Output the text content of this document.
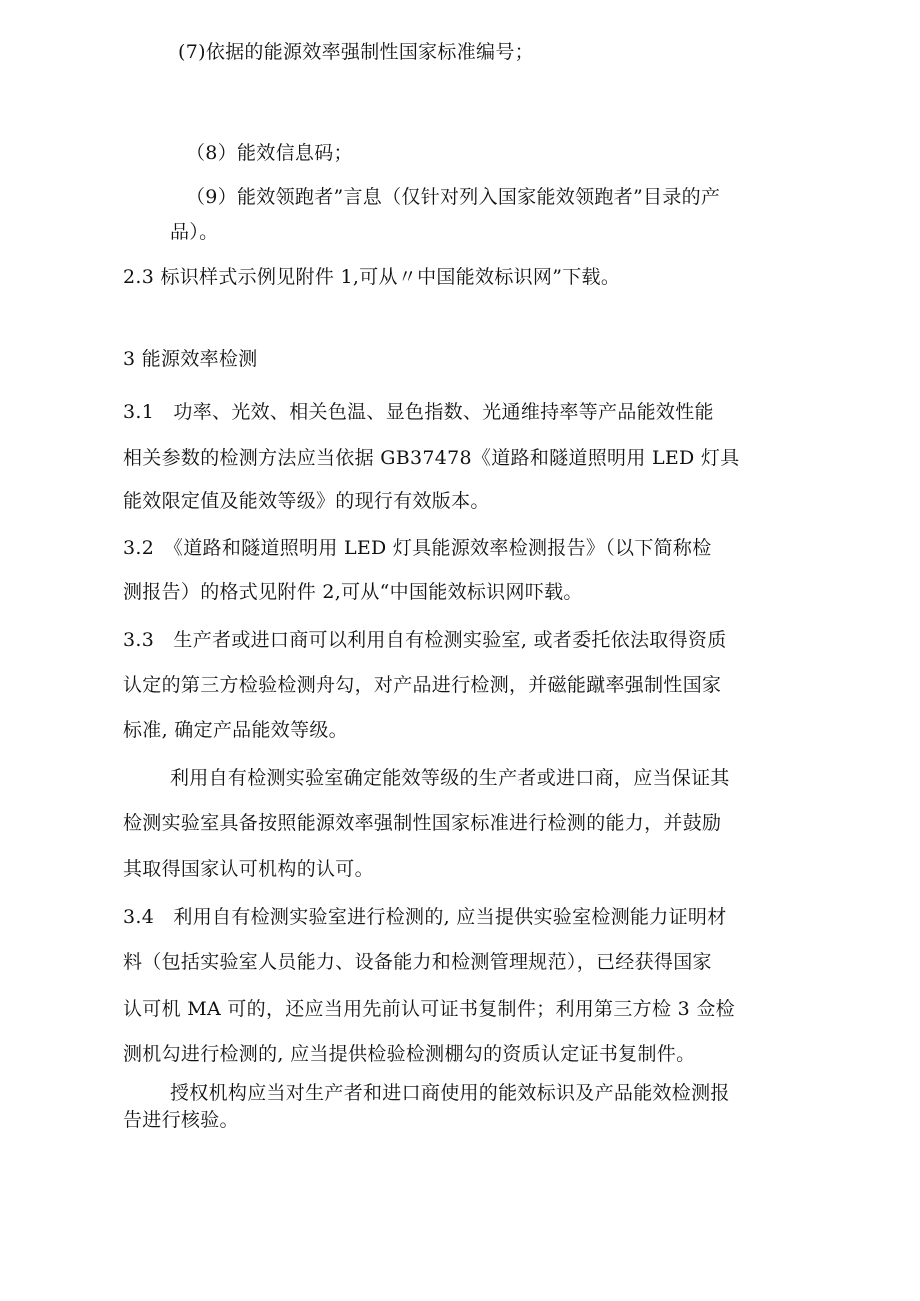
(7)依据的能源效率强制性国家标准编号；
（8）能效信息码；
（9）能效领跑者”言息（仅针对列入国家能效领跑者”目录的产
品）。
2.3 标识样式示例见附件 1,可从〃中国能效标识网”下载。
3 能源效率检测
3.1　功率、光效、相关色温、显色指数、光通维持率等产品能效性能
相关参数的检测方法应当依据 GB37478《道路和隧道照明用 LED 灯具
能效限定值及能效等级》的现行有效版本。
3.2　《道路和隧道照明用 LED 灯具能源效率检测报告》（以下简称检
测报告）的格式见附件 2,可从“中国能效标识网吓载。
3.3　生产者或进口商可以利用自有检测实验室, 或者委托依法取得资质
认定的第三方检验检测舟勾，对产品进行检测，并磁能蹴率强制性国家
标准, 确定产品能效等级。
利用自有检测实验室确定能效等级的生产者或进口商，应当保证其
检测实验室具备按照能源效率强制性国家标准进行检测的能力，并鼓励
其取得国家认可机构的认可。
3.4　利用自有检测实验室进行检测的, 应当提供实验室检测能力证明材
料（包括实验室人员能力、设备能力和检测管理规范），已经获得国家
认可机 MA 可的，还应当用先前认可证书复制件；利用第三方检 3 佥检
测机勾进行检测的, 应当提供检验检测棚勾的资质认定证书复制件。
授权机构应当对生产者和进口商使用的能效标识及产品能效检测报
告进行核验。
